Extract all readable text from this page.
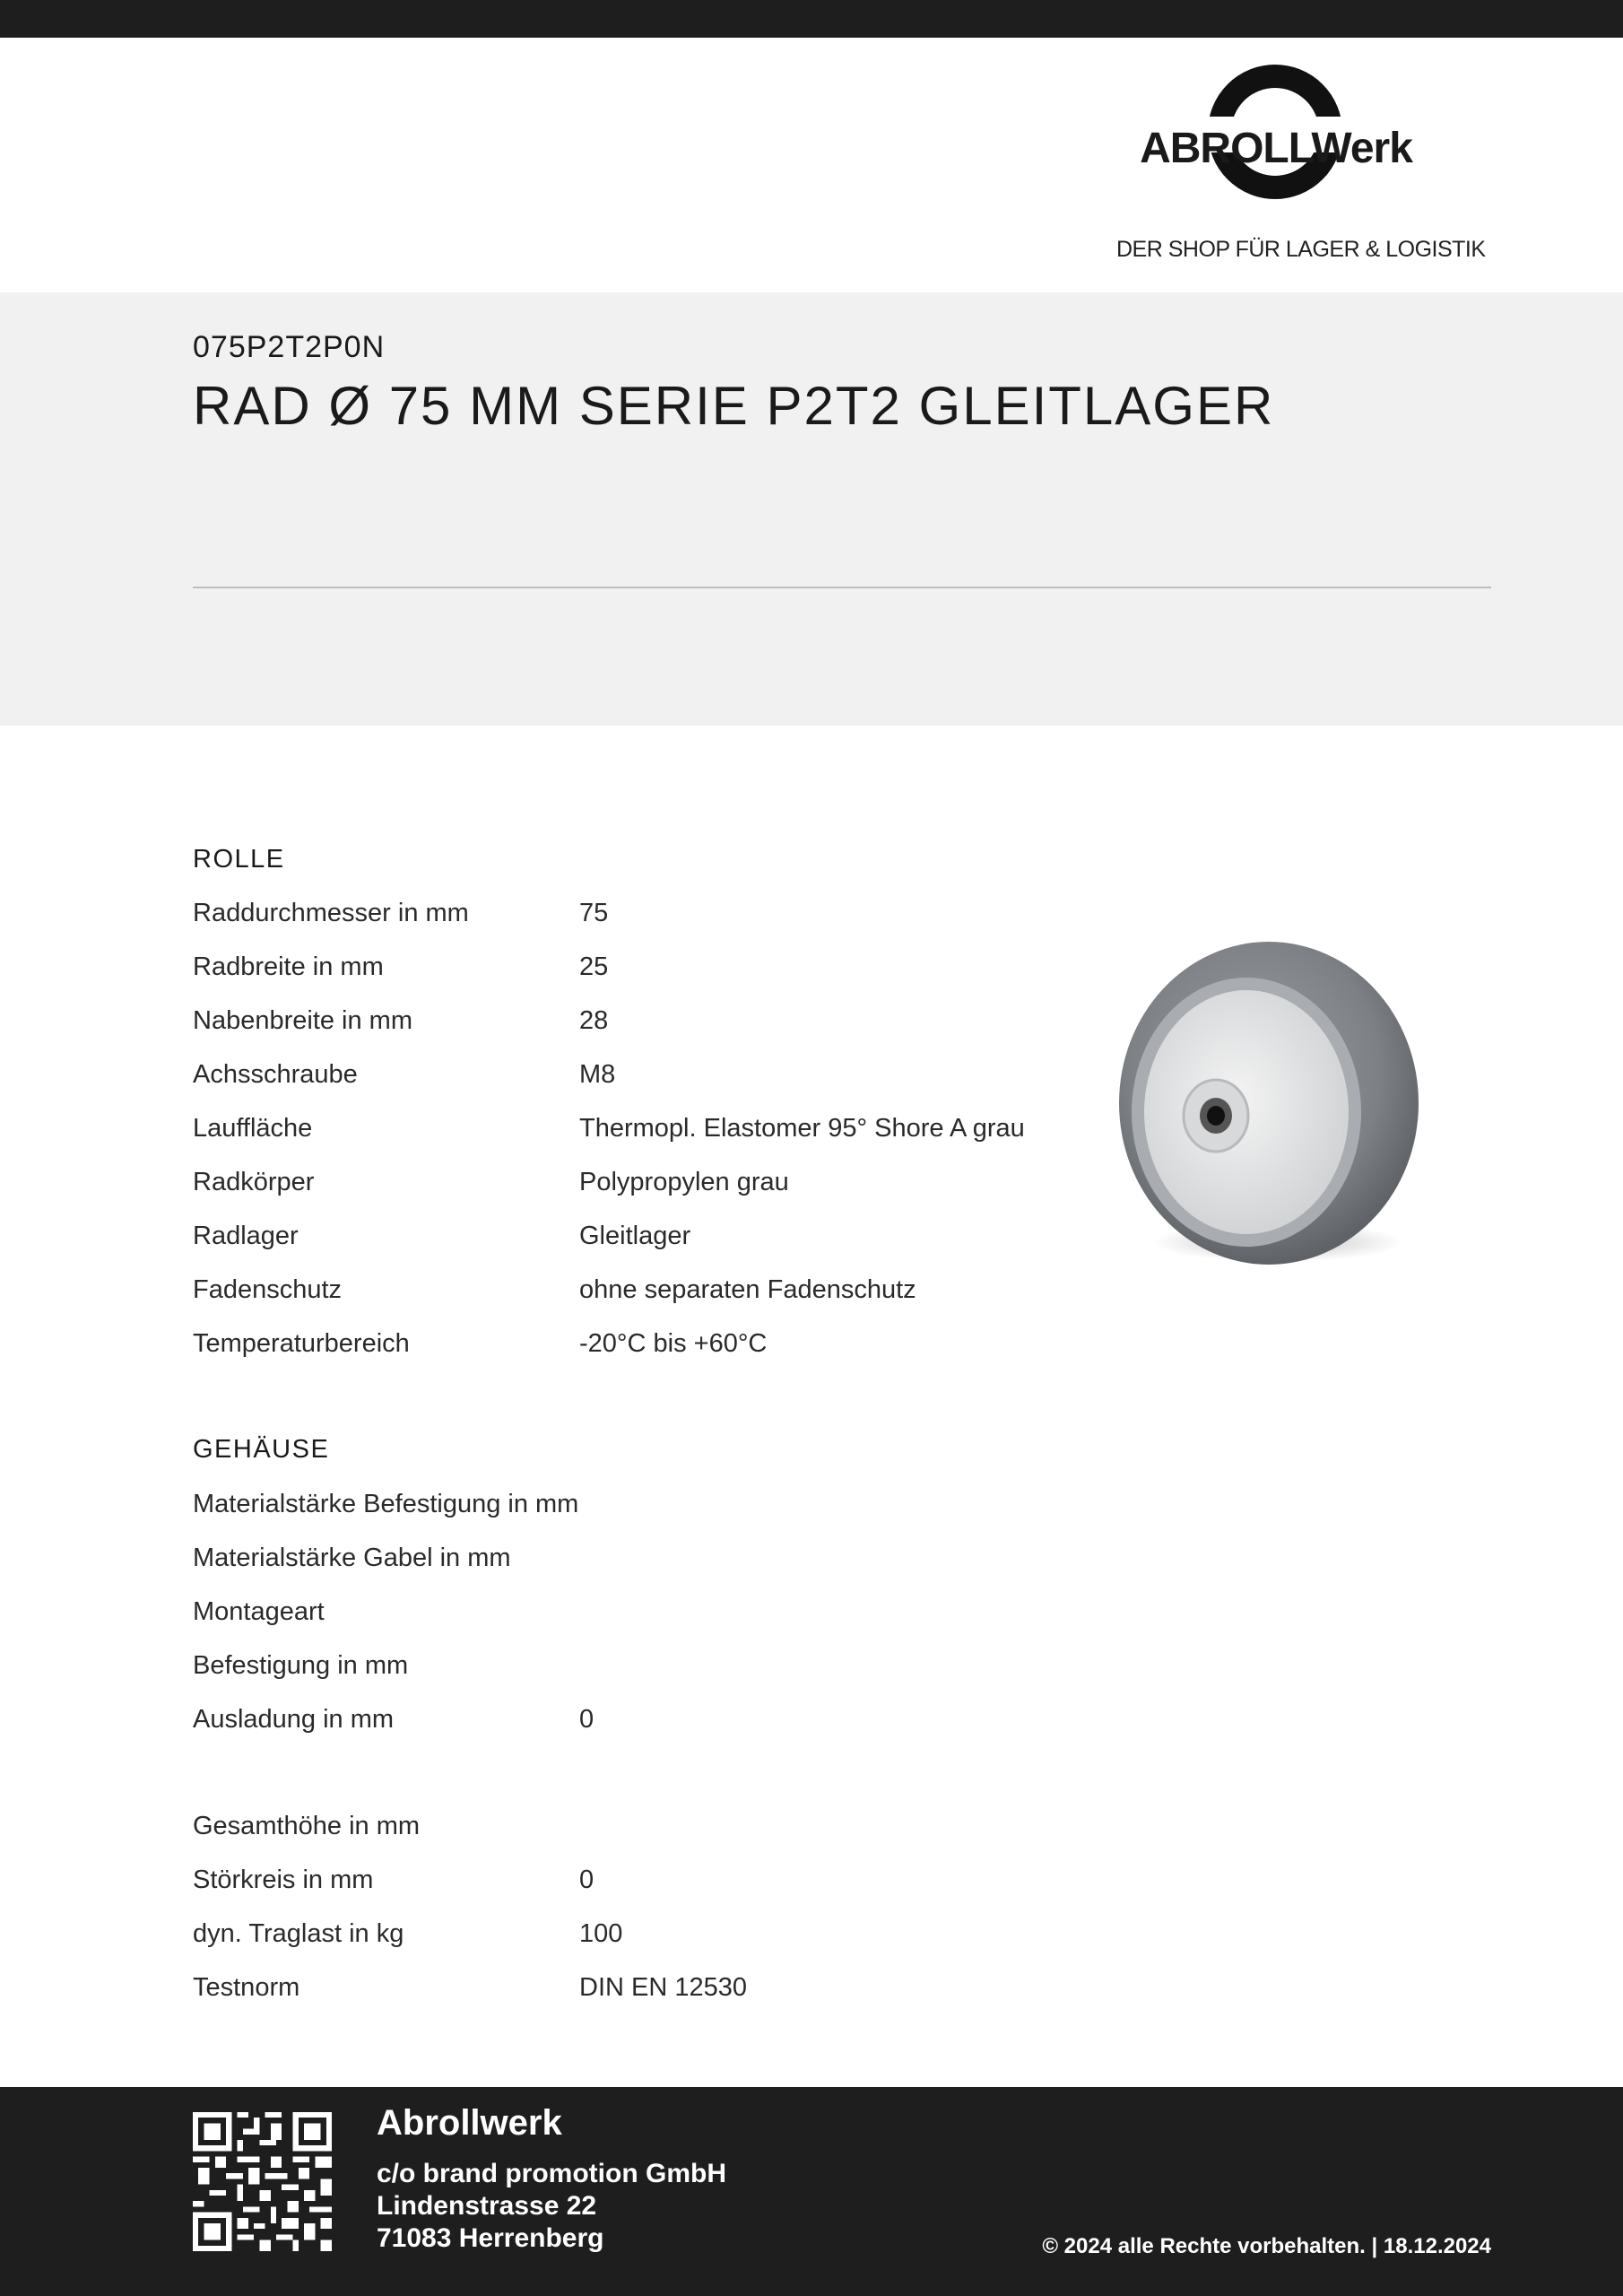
ABROLLWerk
DER SHOP FÜR LAGER & LOGISTIK
075P2T2P0N
RAD Ø 75 MM SERIE P2T2 GLEITLAGER
ROLLE
Raddurchmesser in mm	75
Radbreite in mm	25
Nabenbreite in mm	28
Achsschraube	M8
Lauffläche	Thermopl. Elastomer 95° Shore A grau
Radkörper	Polypropylen grau
Radlager	Gleitlager
Fadenschutz	ohne separaten Fadenschutz
Temperaturbereich	-20°C bis +60°C
GEHÄUSE
Materialstärke Befestigung in mm
Materialstärke Gabel in mm
Montageart
Befestigung in mm
Ausladung in mm	0
Gesamthöhe in mm
Störkreis in mm	0
dyn. Traglast in kg	100
Testnorm	DIN EN 12530
Abrollwerk
c/o brand promotion GmbH
Lindenstrasse 22
71083 Herrenberg	© 2024 alle Rechte vorbehalten. | 18.12.2024
